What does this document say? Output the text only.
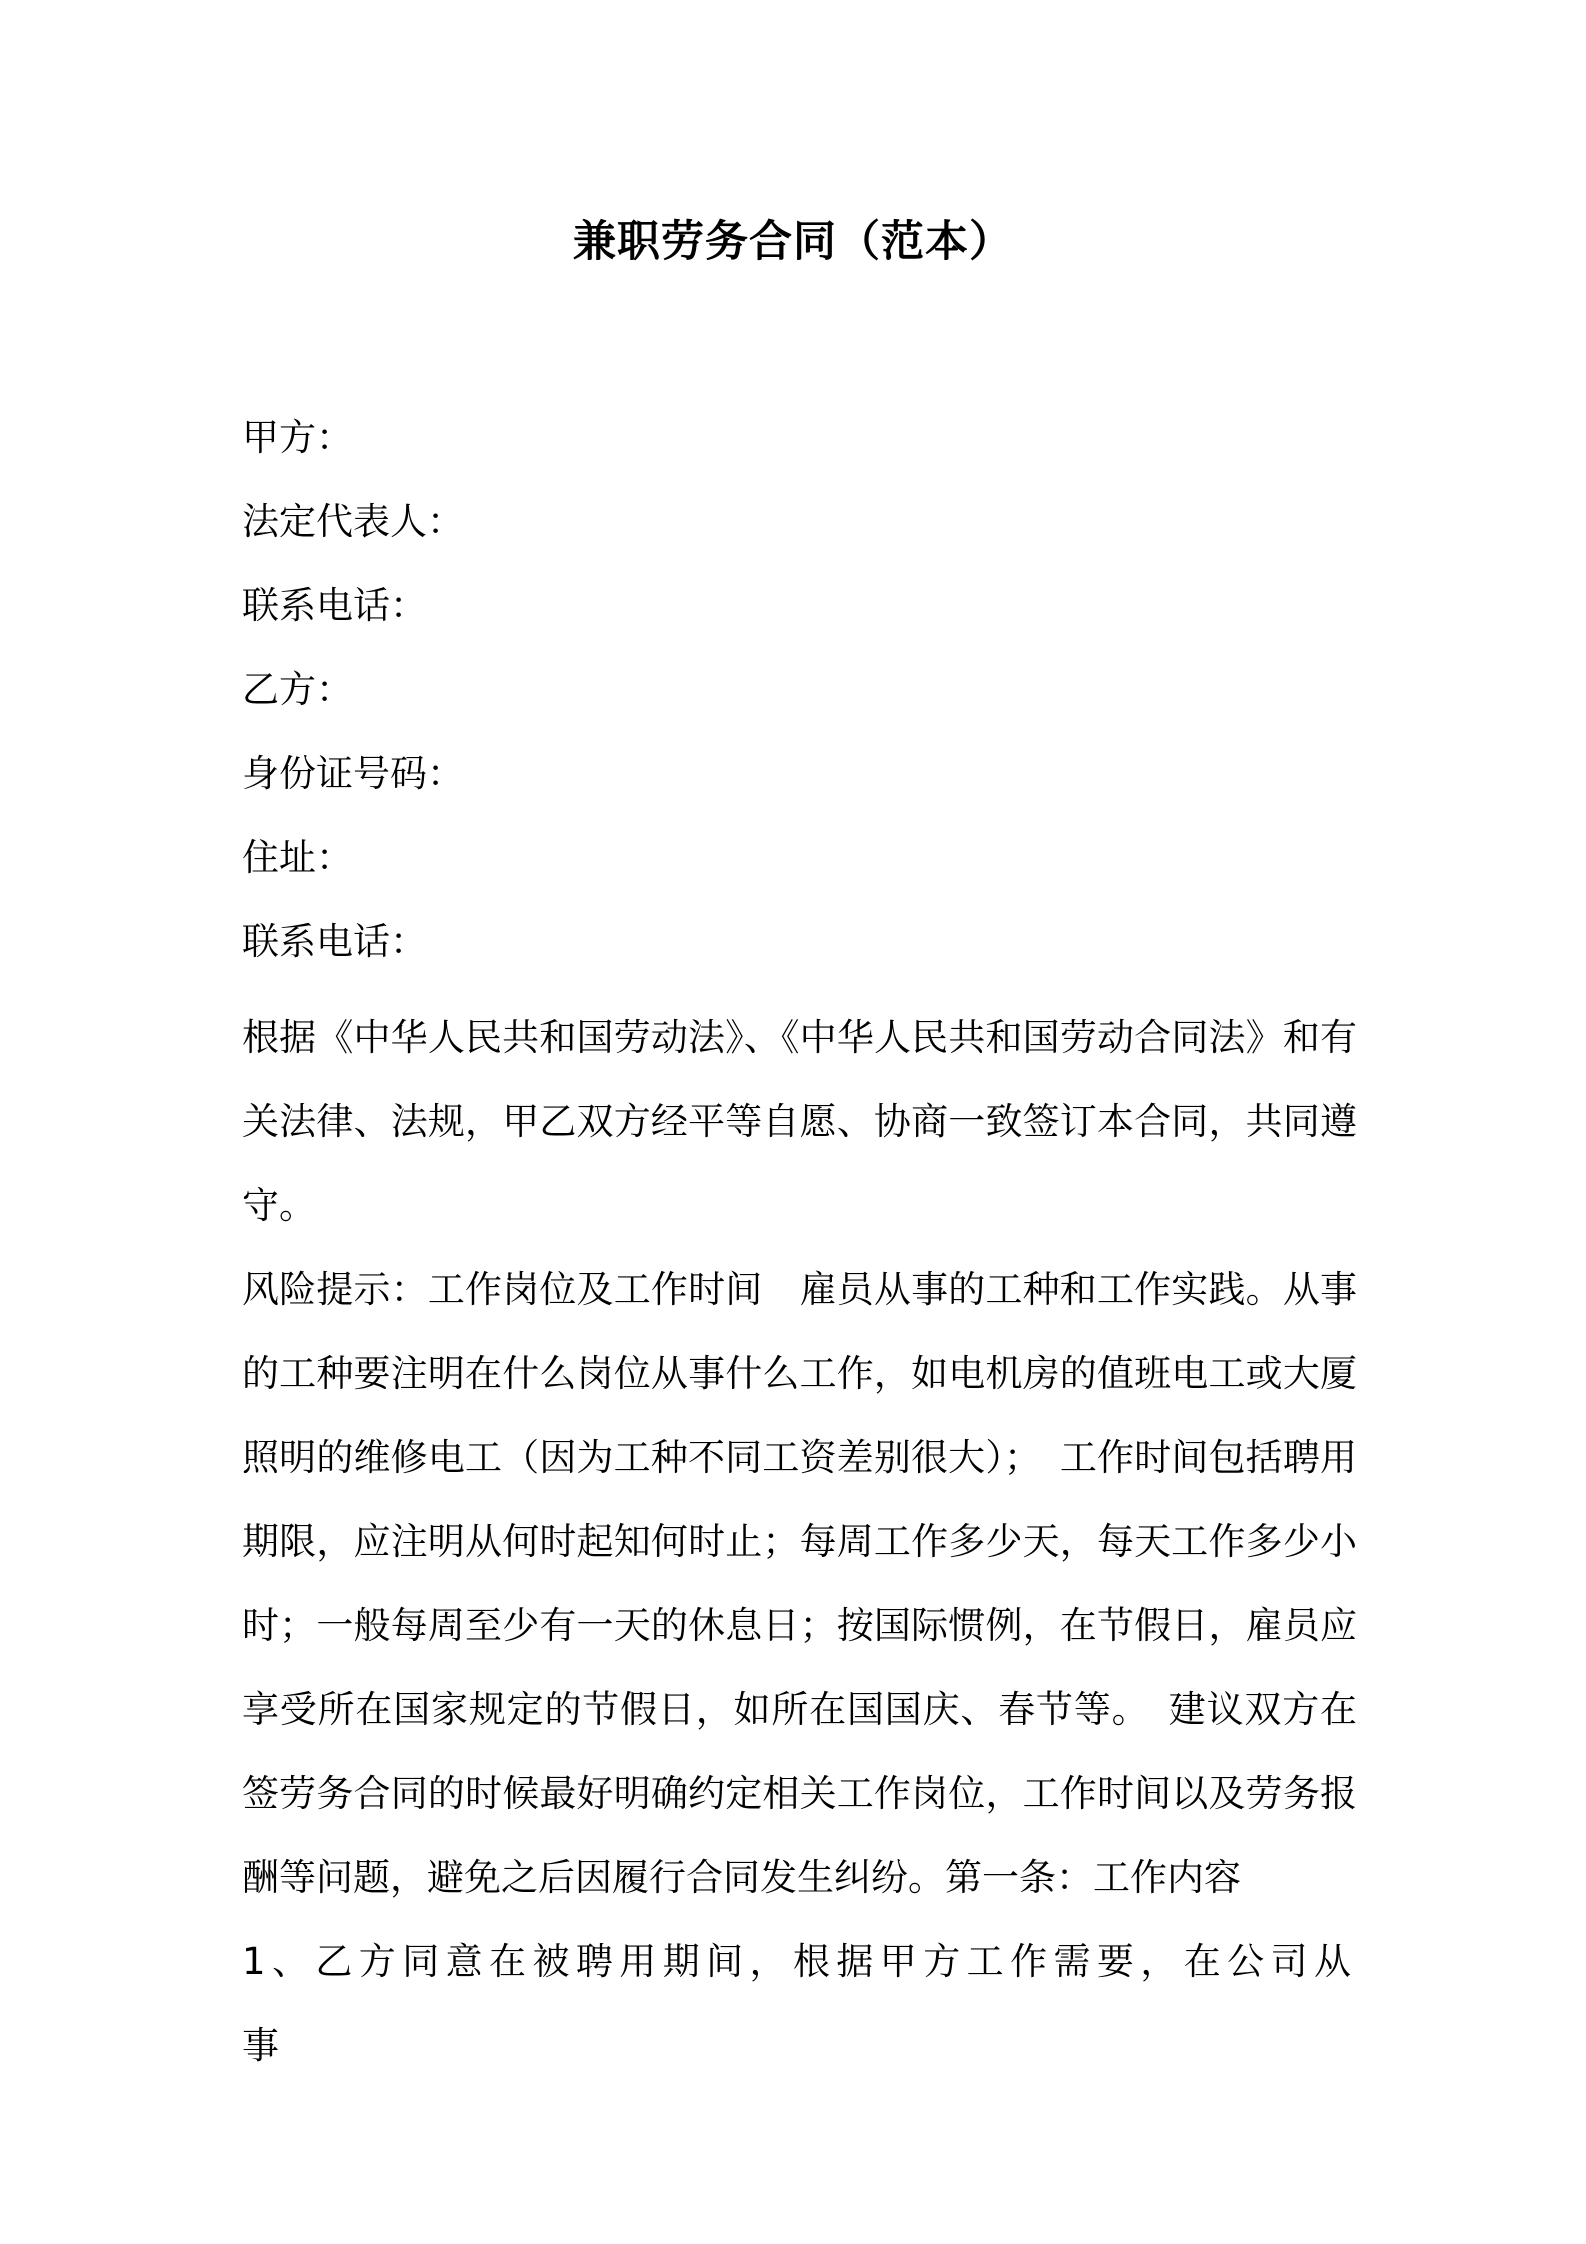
兼职劳务合同（范本）
甲方：
法定代表人：
联系电话：
乙方：
身份证号码：
住址：
联系电话：

根据《中华人民共和国劳动法》、《中华人民共和国劳动合同法》和有关法律、法规，甲乙双方经平等自愿、协商一致签订本合同，共同遵守。

风险提示：工作岗位及工作时间　雇员从事的工种和工作实践。从事的工种要注明在什么岗位从事什么工作，如电机房的值班电工或大厦照明的维修电工（因为工种不同工资差别很大）；　工作时间包括聘用期限，应注明从何时起知何时止；每周工作多少天，每天工作多少小时；一般每周至少有一天的休息日；按国际惯例，在节假日，雇员应享受所在国家规定的节假日，如所在国国庆、春节等。　建议双方在签劳务合同的时候最好明确约定相关工作岗位，工作时间以及劳务报酬等问题，避免之后因履行合同发生纠纷。第一条：工作内容

1、乙方同意在被聘用期间，根据甲方工作需要，在公司从事
